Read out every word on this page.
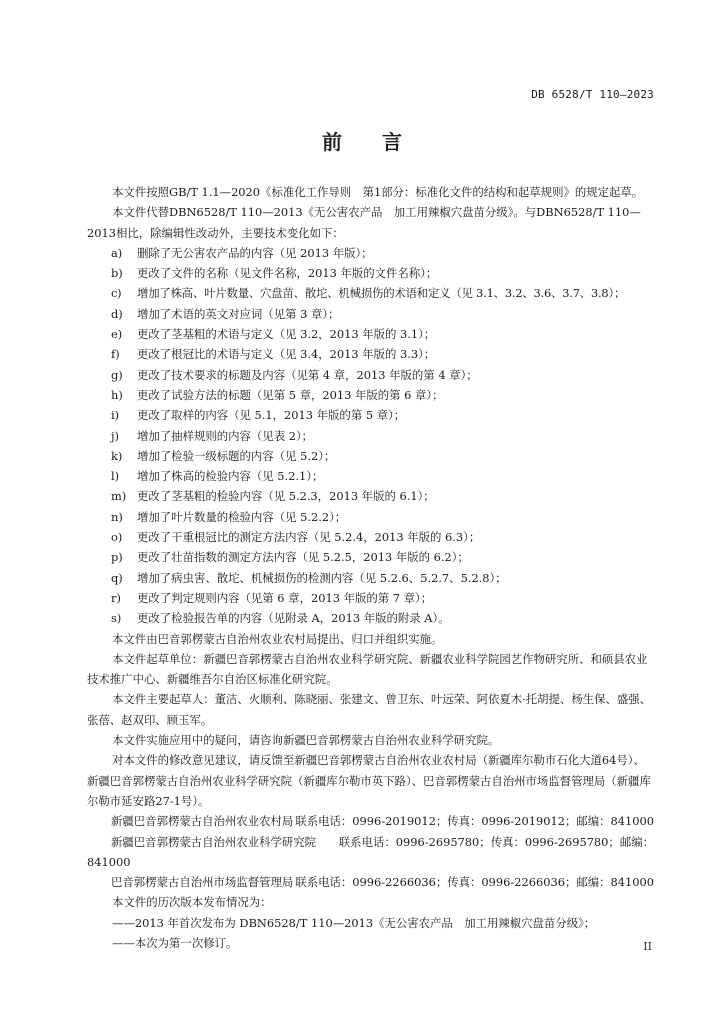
DB 6528/T 110—2023
前 言

本文件按照GB/T 1.1—2020《标准化工作导则　第1部分：标准化文件的结构和起草规则》的规定起草。

本文件代替DBN6528/T 110—2013《无公害农产品　加工用辣椒穴盘苗分级》。与DBN6528/T 110—2013相比，除编辑性改动外，主要技术变化如下：

a) 删除了无公害农产品的内容（见 2013 年版）；
b) 更改了文件的名称（见文件名称，2013 年版的文件名称）；
c) 增加了株高、叶片数量、穴盘苗、散坨、机械损伤的术语和定义（见 3.1、3.2、3.6、3.7、3.8）；
d) 增加了术语的英文对应词（见第 3 章）；
e) 更改了茎基粗的术语与定义（见 3.2，2013 年版的 3.1）；
f) 更改了根冠比的术语与定义（见 3.4，2013 年版的 3.3）；
g) 更改了技术要求的标题及内容（见第 4 章，2013 年版的第 4 章）；
h) 更改了试验方法的标题（见第 5 章，2013 年版的第 6 章）；
i) 更改了取样的内容（见 5.1，2013 年版的第 5 章）；
j) 增加了抽样规则的内容（见表 2）；
k) 增加了检验一级标题的内容（见 5.2）；
l) 增加了株高的检验内容（见 5.2.1）；
m) 更改了茎基粗的检验内容（见 5.2.3，2013 年版的 6.1）；
n) 增加了叶片数量的检验内容（见 5.2.2）；
o) 更改了干重根冠比的测定方法内容（见 5.2.4，2013 年版的 6.3）；
p) 更改了壮苗指数的测定方法内容（见 5.2.5，2013 年版的 6.2）；
q) 增加了病虫害、散坨、机械损伤的检测内容（见 5.2.6、5.2.7、5.2.8）；
r) 更改了判定规则内容（见第 6 章，2013 年版的第 7 章）；
s) 更改了检验报告单的内容（见附录 A，2013 年版的附录 A）。

本文件由巴音郭楞蒙古自治州农业农村局提出、归口并组织实施。

本文件起草单位：新疆巴音郭楞蒙古自治州农业科学研究院、新疆农业科学院园艺作物研究所、和硕县农业技术推广中心、新疆维吾尔自治区标准化研究院。

本文件主要起草人：董洁、火顺利、陈晓丽、张建文、曾卫东、叶远荣、阿依夏木·托胡提、杨生保、盛强、张蓓、赵双印、顾玉军。

本文件实施应用中的疑问，请咨询新疆巴音郭楞蒙古自治州农业科学研究院。

对本文件的修改意见建议，请反馈至新疆巴音郭楞蒙古自治州农业农村局（新疆库尔勒市石化大道64号）、新疆巴音郭楞蒙古自治州农业科学研究院（新疆库尔勒市英下路）、巴音郭楞蒙古自治州市场监督管理局（新疆库尔勒市延安路27-1号）。

新疆巴音郭楞蒙古自治州农业农村局 联系电话：0996-2019012；传真：0996-2019012；邮编：841000
新疆巴音郭楞蒙古自治州农业科学研究院 联系电话：0996-2695780；传真：0996-2695780；邮编：
841000
巴音郭楞蒙古自治州市场监督管理局 联系电话：0996-2266036；传真：0996-2266036；邮编：841000

本文件的历次版本发布情况为：

——2013 年首次发布为 DBN6528/T 110—2013《无公害农产品　加工用辣椒穴盘苗分级》；

——本次为第一次修订。	II
